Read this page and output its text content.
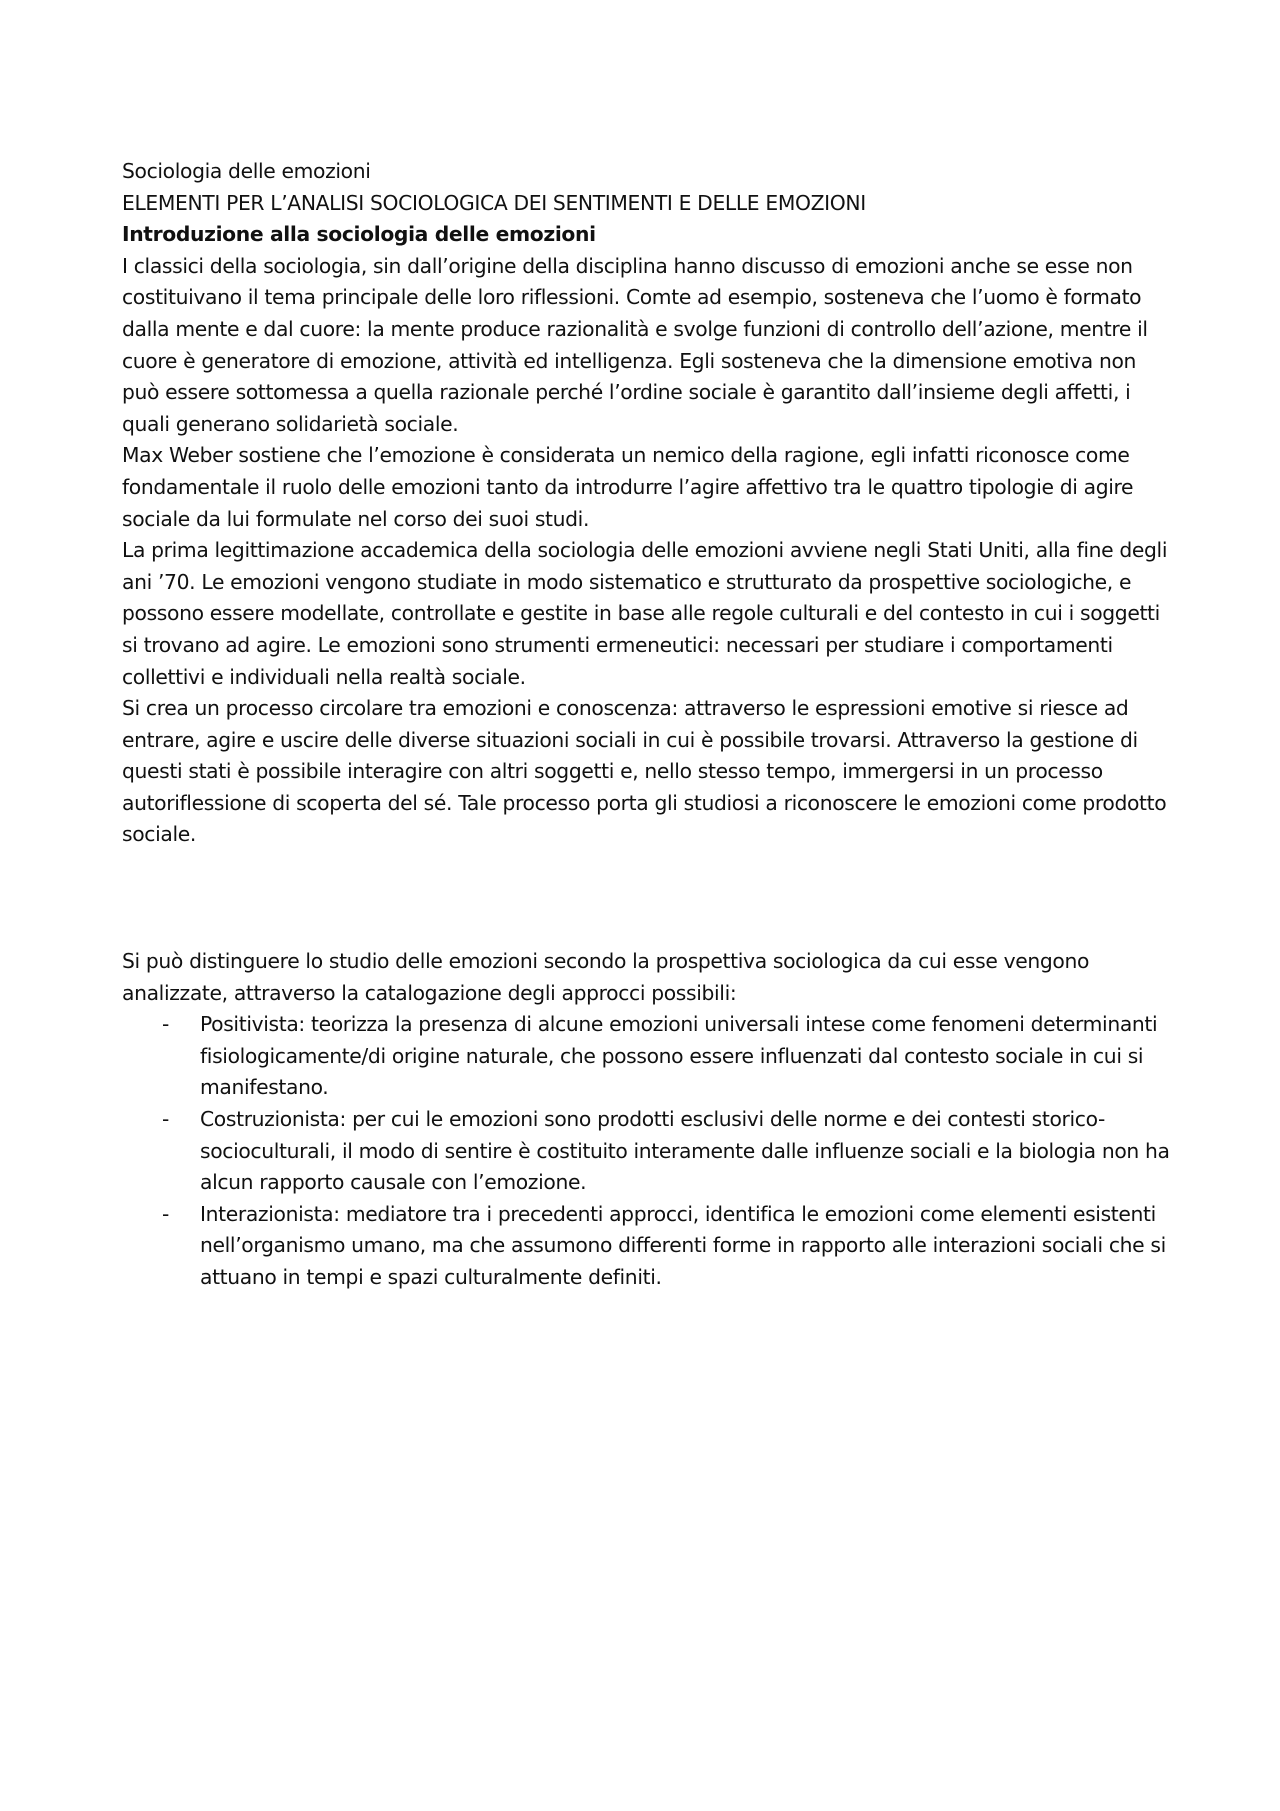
Sociologia delle emozioni

ELEMENTI PER L’ANALISI SOCIOLOGICA DEI SENTIMENTI E DELLE EMOZIONI

Introduzione alla sociologia delle emozioni

I classici della sociologia, sin dall’origine della disciplina hanno discusso di emozioni anche se esse non costituivano il tema principale delle loro riflessioni. Comte ad esempio, sosteneva che l’uomo è formato dalla mente e dal cuore: la mente produce razionalità e svolge funzioni di controllo dell’azione, mentre il cuore è generatore di emozione, attività ed intelligenza. Egli sosteneva che la dimensione emotiva non può essere sottomessa a quella razionale perché l’ordine sociale è garantito dall’insieme degli affetti, i quali generano solidarietà sociale.

Max Weber sostiene che l’emozione è considerata un nemico della ragione, egli infatti riconosce come fondamentale il ruolo delle emozioni tanto da introdurre l’agire affettivo tra le quattro tipologie di agire sociale da lui formulate nel corso dei suoi studi.

La prima legittimazione accademica della sociologia delle emozioni avviene negli Stati Uniti, alla fine degli ani ’70. Le emozioni vengono studiate in modo sistematico e strutturato da prospettive sociologiche, e possono essere modellate, controllate e gestite in base alle regole culturali e del contesto in cui i soggetti si trovano ad agire. Le emozioni sono strumenti ermeneutici: necessari per studiare i comportamenti collettivi e individuali nella realtà sociale.

Si crea un processo circolare tra emozioni e conoscenza: attraverso le espressioni emotive si riesce ad entrare, agire e uscire delle diverse situazioni sociali in cui è possibile trovarsi. Attraverso la gestione di questi stati è possibile interagire con altri soggetti e, nello stesso tempo, immergersi in un processo autoriflessione di scoperta del sé. Tale processo porta gli studiosi a riconoscere le emozioni come prodotto sociale.

Si può distinguere lo studio delle emozioni secondo la prospettiva sociologica da cui esse vengono analizzate, attraverso la catalogazione degli approcci possibili:

- Positivista: teorizza la presenza di alcune emozioni universali intese come fenomeni determinanti fisiologicamente/di origine naturale, che possono essere influenzati dal contesto sociale in cui si manifestano.
- Costruzionista: per cui le emozioni sono prodotti esclusivi delle norme e dei contesti storico-socioculturali, il modo di sentire è costituito interamente dalle influenze sociali e la biologia non ha alcun rapporto causale con l’emozione.
- Interazionista: mediatore tra i precedenti approcci, identifica le emozioni come elementi esistenti nell’organismo umano, ma che assumono differenti forme in rapporto alle interazioni sociali che si attuano in tempi e spazi culturalmente definiti.
